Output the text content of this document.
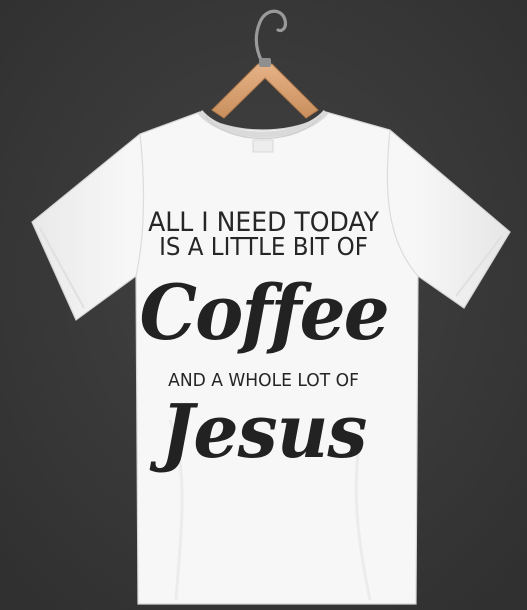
ALL I NEED TODAY
IS A LITTLE BIT OF
Coffee
AND A WHOLE LOT OF
Jesus
